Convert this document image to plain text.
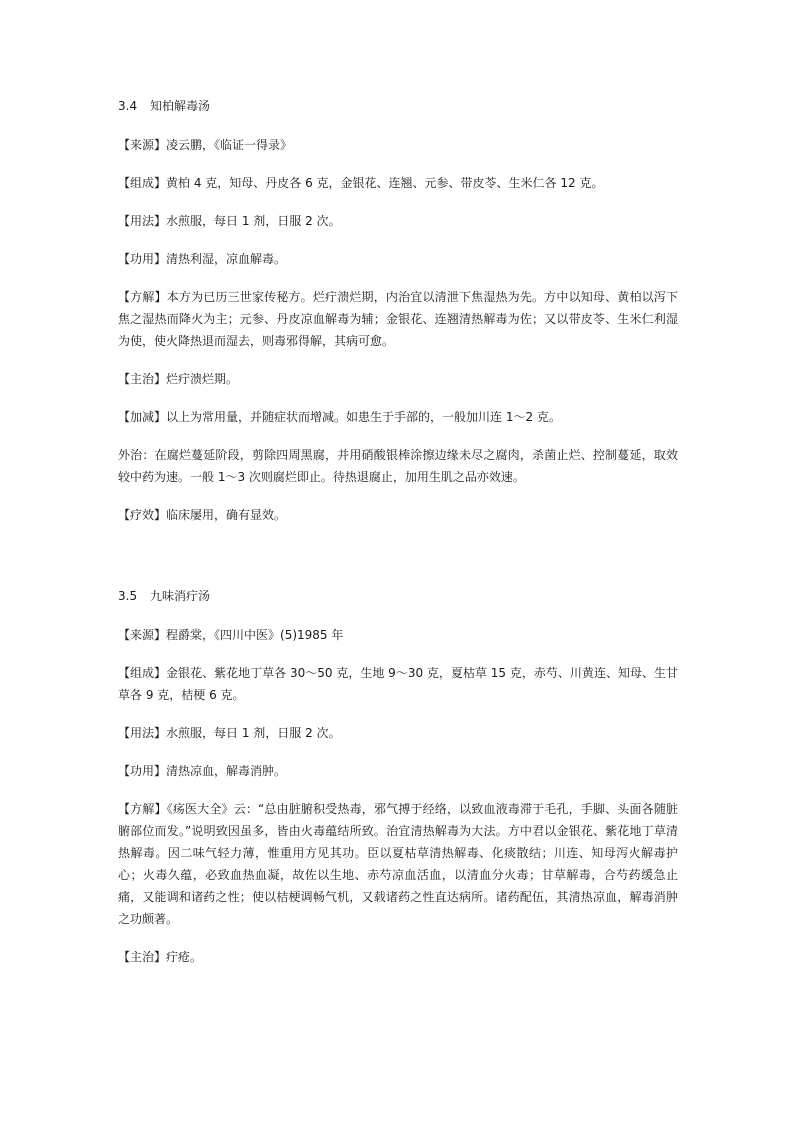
3.4 知柏解毒汤

【来源】凌云鹏，《临证一得录》

【组成】黄柏 4 克，知母、丹皮各 6 克，金银花、连翘、元参、带皮苓、生米仁各 12 克。

【用法】水煎服，每日 1 剂，日服 2 次。

【功用】清热利湿，凉血解毒。

【方解】本方为已历三世家传秘方。烂疔溃烂期，内治宜以清泄下焦湿热为先。方中以知母、黄柏以泻下焦之湿热而降火为主；元参、丹皮凉血解毒为辅；金银花、连翘清热解毒为佐；又以带皮苓、生米仁利湿为使，使火降热退而湿去，则毒邪得解，其病可愈。

【主治】烂疔溃烂期。

【加减】以上为常用量，并随症状而增减。如患生于手部的，一般加川连 1～2 克。

外治：在腐烂蔓延阶段，剪除四周黑腐，并用硝酸银棒涂擦边缘未尽之腐肉，杀菌止烂、控制蔓延，取效较中药为速。一般 1～3 次则腐烂即止。待热退腐止，加用生肌之品亦效速。

【疗效】临床屡用，确有显效。

3.5 九味消疔汤

【来源】程爵棠，《四川中医》(5)1985 年

【组成】金银花、紫花地丁草各 30～50 克，生地 9～30 克，夏枯草 15 克，赤芍、川黄连、知母、生甘草各 9 克，桔梗 6 克。

【用法】水煎服，每日 1 剂，日服 2 次。

【功用】清热凉血，解毒消肿。

【方解】《疡医大全》云：“总由脏腑积受热毒，邪气搏于经络，以致血液毒滞于毛孔，手脚、头面各随脏腑部位而发。”说明致因虽多，皆由火毒蕴结所致。治宜清热解毒为大法。方中君以金银花、紫花地丁草清热解毒。因二味气轻力薄，惟重用方见其功。臣以夏枯草清热解毒、化痰散结；川连、知母泻火解毒护心；火毒久蕴，必致血热血凝，故佐以生地、赤芍凉血活血，以清血分火毒；甘草解毒，合芍药缓急止痛，又能调和诸药之性；使以桔梗调畅气机，又载诸药之性直达病所。诸药配伍，其清热凉血，解毒消肿之功颇著。

【主治】疔疮。
